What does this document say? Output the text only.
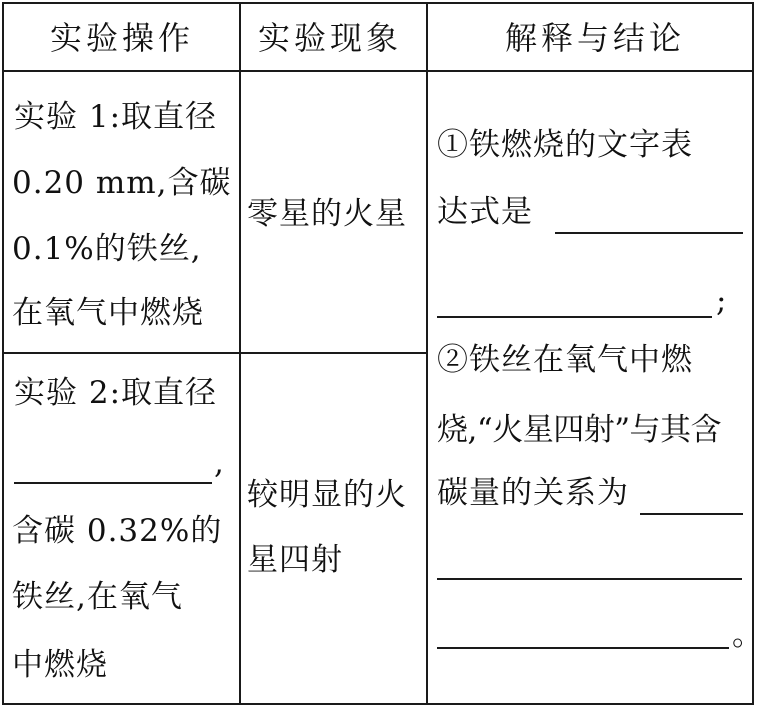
实验操作 实验现象	解释与结论
实验 1:取直径
0.20 mm,含碳
0.1%的铁丝,
在氧气中燃烧
零星的火星
实验 2:取直径
,
含碳 0.32%的
铁丝,在氧气
中燃烧
较明显的火
星四射
①铁燃烧的文字表
达式是
;
②铁丝在氧气中燃
烧,“火星四射”与其含
碳量的关系为
。
